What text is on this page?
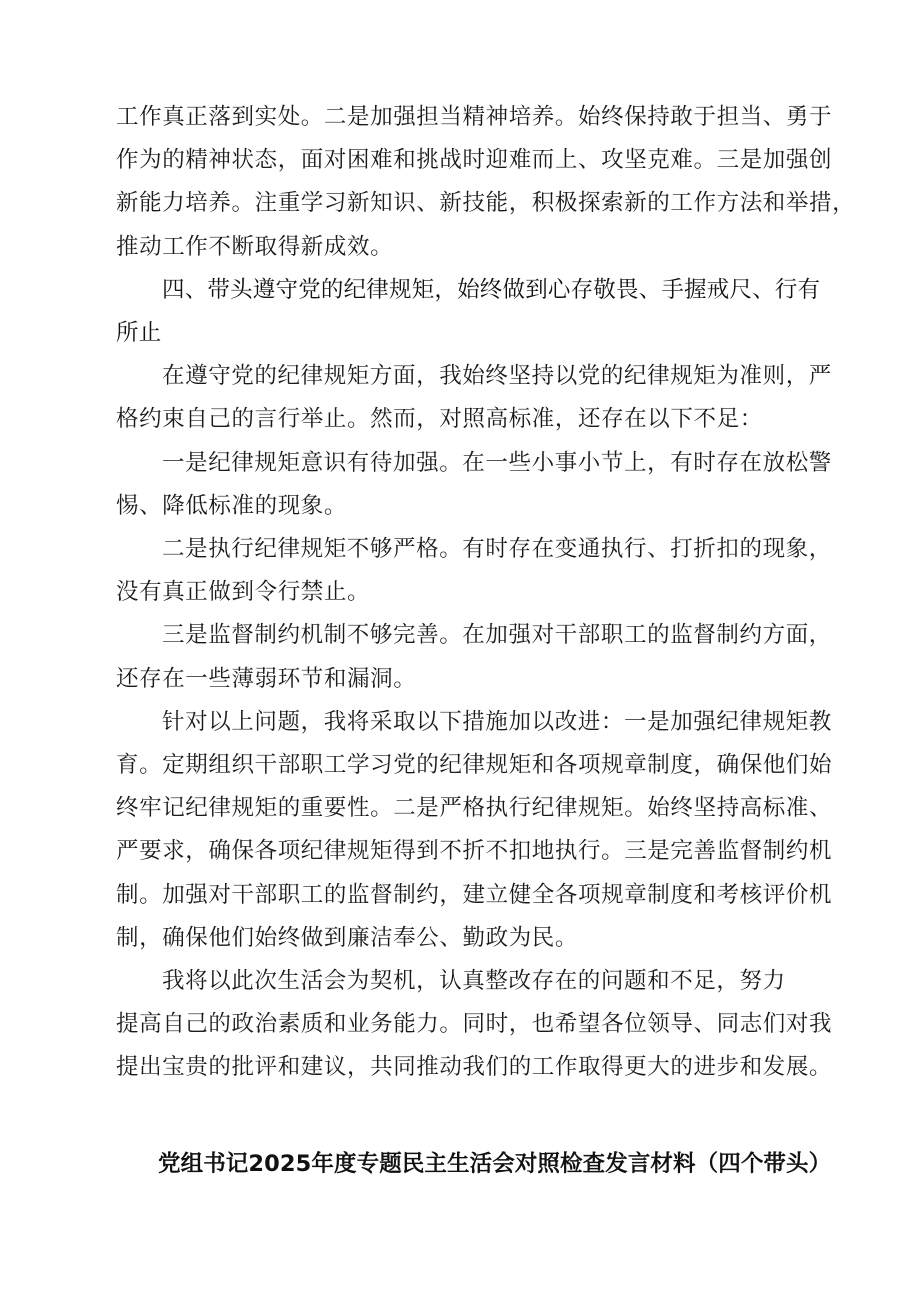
工作真正落到实处。二是加强担当精神培养。始终保持敢于担当、勇于
作为的精神状态，面对困难和挑战时迎难而上、攻坚克难。三是加强创
新能力培养。注重学习新知识、新技能，积极探索新的工作方法和举措，
推动工作不断取得新成效。
四、带头遵守党的纪律规矩，始终做到心存敬畏、手握戒尺、行有
所止
在遵守党的纪律规矩方面，我始终坚持以党的纪律规矩为准则，严
格约束自己的言行举止。然而，对照高标准，还存在以下不足：
一是纪律规矩意识有待加强。在一些小事小节上，有时存在放松警
惕、降低标准的现象。
二是执行纪律规矩不够严格。有时存在变通执行、打折扣的现象，
没有真正做到令行禁止。
三是监督制约机制不够完善。在加强对干部职工的监督制约方面，
还存在一些薄弱环节和漏洞。
针对以上问题，我将采取以下措施加以改进：一是加强纪律规矩教
育。定期组织干部职工学习党的纪律规矩和各项规章制度，确保他们始
终牢记纪律规矩的重要性。二是严格执行纪律规矩。始终坚持高标准、
严要求，确保各项纪律规矩得到不折不扣地执行。三是完善监督制约机
制。加强对干部职工的监督制约，建立健全各项规章制度和考核评价机
制，确保他们始终做到廉洁奉公、勤政为民。
我将以此次生活会为契机，认真整改存在的问题和不足，努力
提高自己的政治素质和业务能力。同时，也希望各位领导、同志们对我
提出宝贵的批评和建议，共同推动我们的工作取得更大的进步和发展。
党组书记2025年度专题民主生活会对照检查发言材料（四个带头）
